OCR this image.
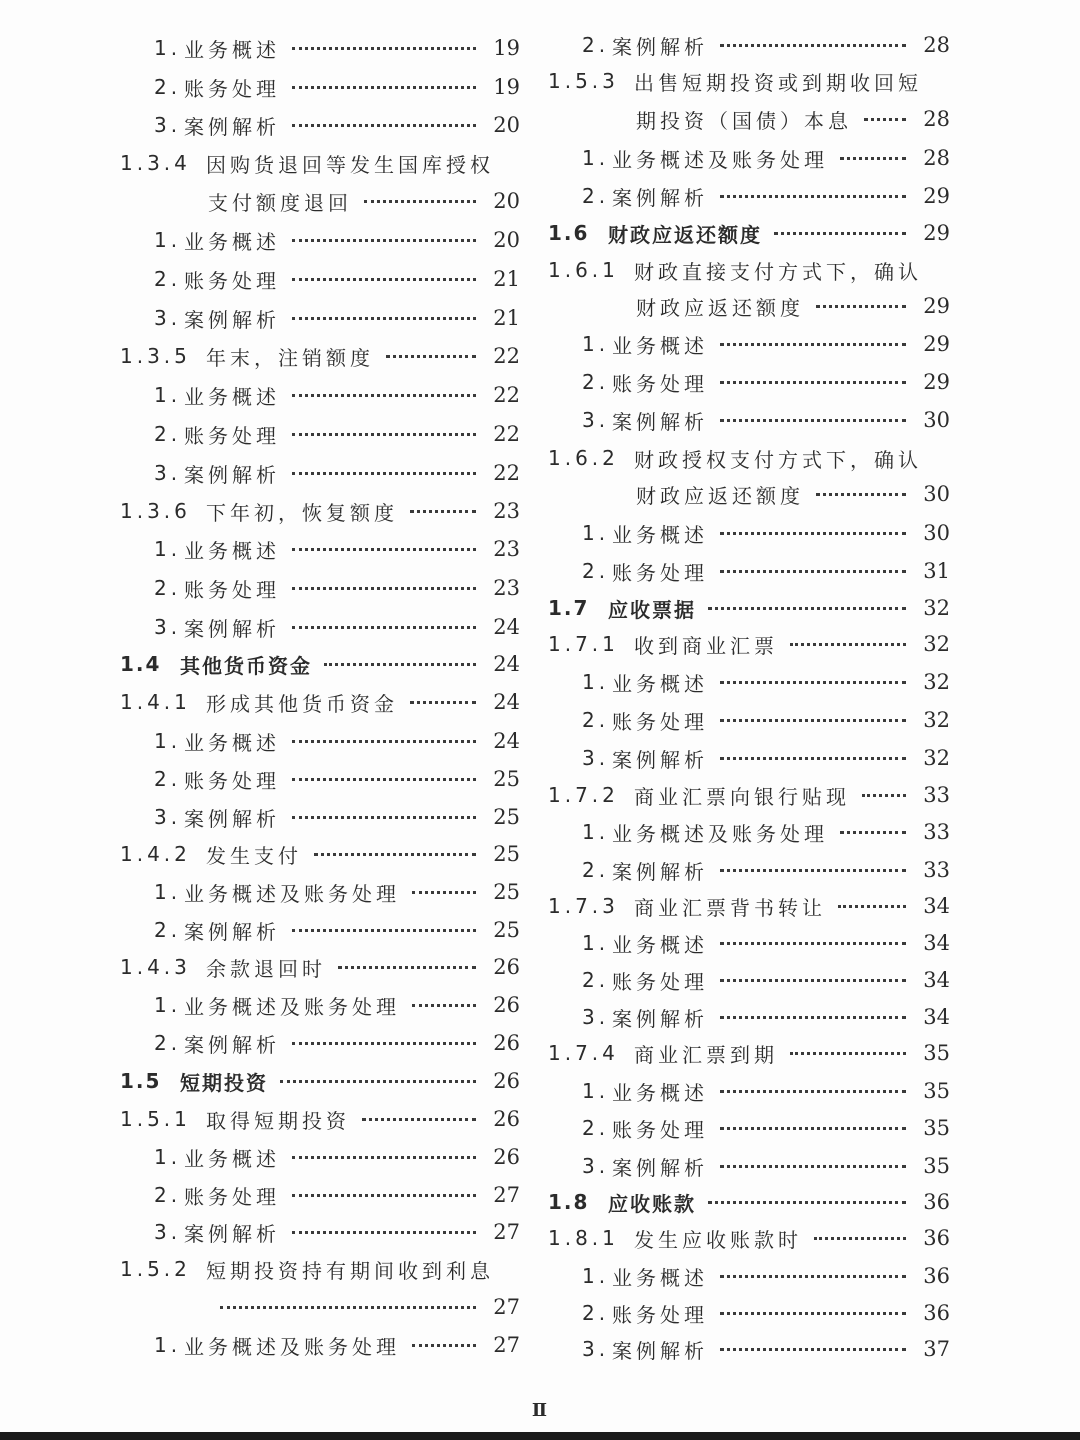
1. 业务概述	19
2. 账务处理	19
3. 案例解析	20
1.3.4 因购货退回等发生国库授权
支付额度退回	20
1. 业务概述	20
2. 账务处理	21
3. 案例解析	21
1.3.5 年末，注销额度	22
1. 业务概述	22
2. 账务处理	22
3. 案例解析	22
1.3.6 下年初，恢复额度	23
1. 业务概述	23
2. 账务处理	23
3. 案例解析	24
1.4 其他货币资金	24
1.4.1 形成其他货币资金	24
1. 业务概述	24
2. 账务处理	25
3. 案例解析	25
1.4.2 发生支付	25
1. 业务概述及账务处理	25
2. 案例解析	25
1.4.3 余款退回时	26
1. 业务概述及账务处理	26
2. 案例解析	26
1.5 短期投资	26
1.5.1 取得短期投资	26
1. 业务概述	26
2. 账务处理	27
3. 案例解析	27
1.5.2 短期投资持有期间收到利息
27
1. 业务概述及账务处理	27
2. 案例解析	28
1.5.3 出售短期投资或到期收回短
期投资（国债）本息	28
1. 业务概述及账务处理	28
2. 案例解析	29
1.6 财政应返还额度	29
1.6.1 财政直接支付方式下，确认
财政应返还额度	29
1. 业务概述	29
2. 账务处理	29
3. 案例解析	30
1.6.2 财政授权支付方式下，确认
财政应返还额度	30
1. 业务概述	30
2. 账务处理	31
1.7 应收票据	32
1.7.1 收到商业汇票	32
1. 业务概述	32
2. 账务处理	32
3. 案例解析	32
1.7.2 商业汇票向银行贴现	33
1. 业务概述及账务处理	33
2. 案例解析	33
1.7.3 商业汇票背书转让	34
1. 业务概述	34
2. 账务处理	34
3. 案例解析	34
1.7.4 商业汇票到期	35
1. 业务概述	35
2. 账务处理	35
3. 案例解析	35
1.8 应收账款	36
1.8.1 发生应收账款时	36
1. 业务概述	36
2. 账务处理	36
3. 案例解析	37
Ⅱ
